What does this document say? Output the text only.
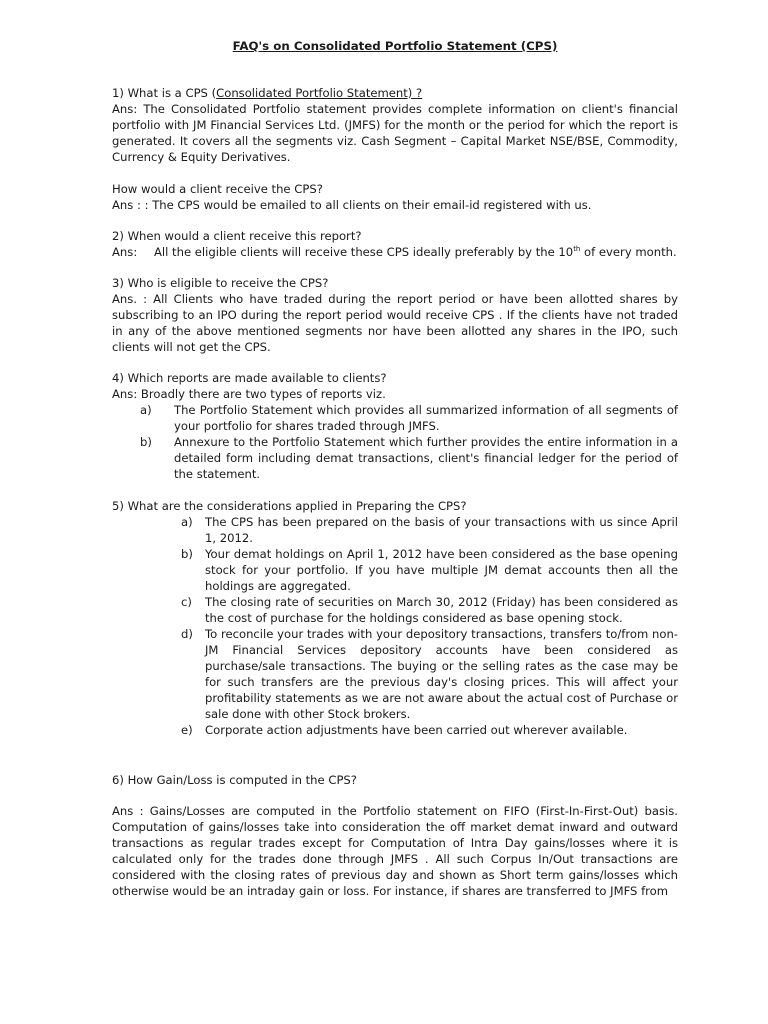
FAQ's on Consolidated Portfolio Statement (CPS)

1) What is a CPS (Consolidated Portfolio Statement) ?

Ans: The Consolidated Portfolio statement provides complete information on client's financial portfolio with JM Financial Services Ltd. (JMFS) for the month or the period for which the report is generated. It covers all the segments viz. Cash Segment – Capital Market NSE/BSE, Commodity, Currency & Equity Derivatives.

How would a client receive the CPS?

Ans : : The CPS would be emailed to all clients on their email-id registered with us.

2) When would a client receive this report?

Ans: All the eligible clients will receive these CPS ideally preferably by the 10th of every month.

3) Who is eligible to receive the CPS?

Ans. : All Clients who have traded during the report period or have been allotted shares by subscribing to an IPO during the report period would receive CPS . If the clients have not traded in any of the above mentioned segments nor have been allotted any shares in the IPO, such clients will not get the CPS.

4) Which reports are made available to clients?

Ans: Broadly there are two types of reports viz.

a) The Portfolio Statement which provides all summarized information of all segments of your portfolio for shares traded through JMFS.
b) Annexure to the Portfolio Statement which further provides the entire information in a detailed form including demat transactions, client's financial ledger for the period of the statement.

5) What are the considerations applied in Preparing the CPS?

a) The CPS has been prepared on the basis of your transactions with us since April 1, 2012.
b) Your demat holdings on April 1, 2012 have been considered as the base opening stock for your portfolio. If you have multiple JM demat accounts then all the holdings are aggregated.
c) The closing rate of securities on March 30, 2012 (Friday) has been considered as the cost of purchase for the holdings considered as base opening stock.
d) To reconcile your trades with your depository transactions, transfers to/from non-JM Financial Services depository accounts have been considered as purchase/sale transactions. The buying or the selling rates as the case may be for such transfers are the previous day's closing prices. This will affect your profitability statements as we are not aware about the actual cost of Purchase or sale done with other Stock brokers.
e) Corporate action adjustments have been carried out wherever available.

6) How Gain/Loss is computed in the CPS?

Ans : Gains/Losses are computed in the Portfolio statement on FIFO (First-In-First-Out) basis. Computation of gains/losses take into consideration the off market demat inward and outward transactions as regular trades except for Computation of Intra Day gains/losses where it is calculated only for the trades done through JMFS . All such Corpus In/Out transactions are considered with the closing rates of previous day and shown as Short term gains/losses which otherwise would be an intraday gain or loss. For instance, if shares are transferred to JMFS from
